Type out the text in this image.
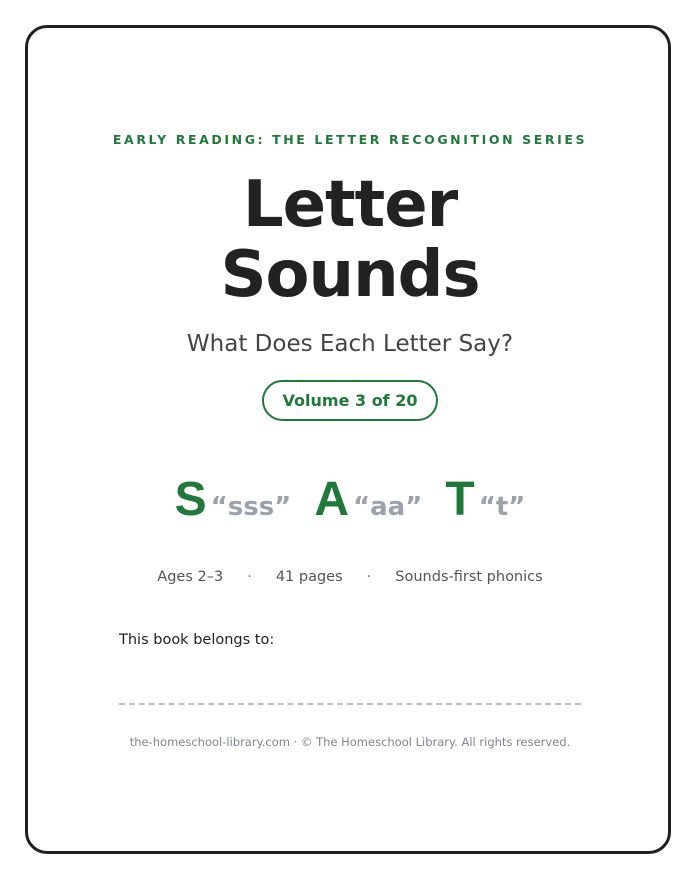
EARLY READING: THE LETTER RECOGNITION SERIES
Letter
Sounds
What Does Each Letter Say?
Volume 3 of 20
S “sss” A “aa” T “t”
Ages 2–3 · 41 pages · Sounds-first phonics
This book belongs to:
the-homeschool-library.com · © The Homeschool Library. All rights reserved.
